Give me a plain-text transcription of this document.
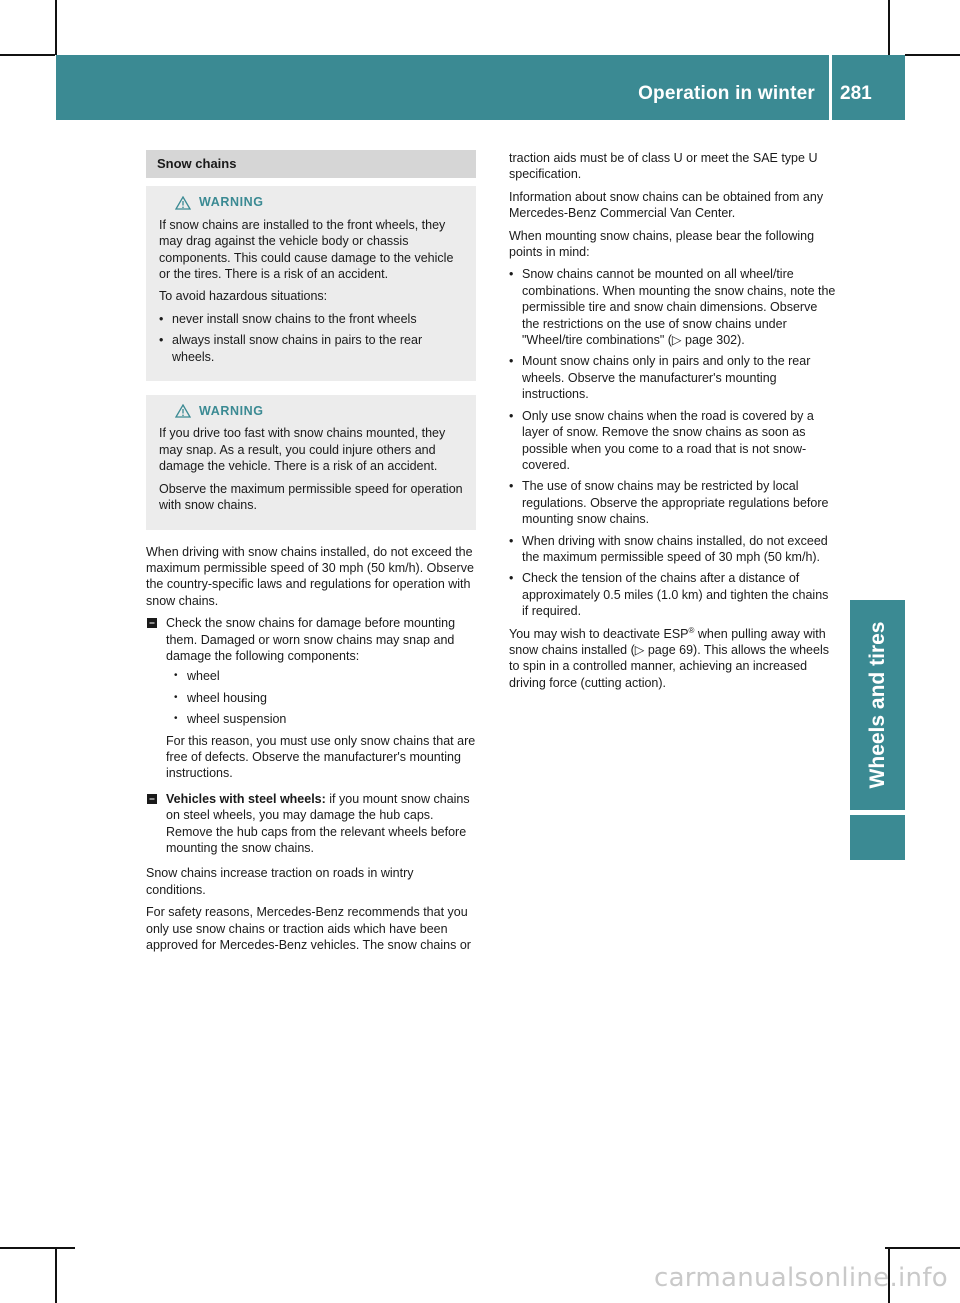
Operation in winter 281
Wheels and tires
Snow chains
WARNING

If snow chains are installed to the front wheels, they may drag against the vehicle body or chassis components. This could cause damage to the vehicle or the tires. There is a risk of an accident.

To avoid hazardous situations:

• never install snow chains to the front wheels
• always install snow chains in pairs to the rear wheels.
WARNING

If you drive too fast with snow chains mounted, they may snap. As a result, you could injure others and damage the vehicle. There is a risk of an accident.

Observe the maximum permissible speed for operation with snow chains.

When driving with snow chains installed, do not exceed the maximum permissible speed of 30 mph (50 km/h). Observe the country-specific laws and regulations for operation with snow chains.

Check the snow chains for damage before mounting them. Damaged or worn snow chains may snap and damage the following components:

• wheel
• wheel housing
• wheel suspension

For this reason, you must use only snow chains that are free of defects. Observe the manufacturer's mounting instructions.

Vehicles with steel wheels: if you mount snow chains on steel wheels, you may damage the hub caps. Remove the hub caps from the relevant wheels before mounting the snow chains.

Snow chains increase traction on roads in wintry conditions.

For safety reasons, Mercedes-Benz recommends that you only use snow chains or traction aids which have been approved for Mercedes-Benz vehicles. The snow chains or

traction aids must be of class U or meet the SAE type U specification.

Information about snow chains can be obtained from any Mercedes-Benz Commercial Van Center.

When mounting snow chains, please bear the following points in mind:

• Snow chains cannot be mounted on all wheel/tire combinations. When mounting the snow chains, note the permissible tire and snow chain dimensions. Observe the restrictions on the use of snow chains under "Wheel/tire combinations" (▷ page 302).
• Mount snow chains only in pairs and only to the rear wheels. Observe the manufacturer's mounting instructions.
• Only use snow chains when the road is covered by a layer of snow. Remove the snow chains as soon as possible when you come to a road that is not snow-covered.
• The use of snow chains may be restricted by local regulations. Observe the appropriate regulations before mounting snow chains.
• When driving with snow chains installed, do not exceed the maximum permissible speed of 30 mph (50 km/h).
• Check the tension of the chains after a distance of approximately 0.5 miles (1.0 km) and tighten the chains if required.

You may wish to deactivate ESP® when pulling away with snow chains installed (▷ page 69). This allows the wheels to spin in a controlled manner, achieving an increased driving force (cutting action).

carmanualsonline.info
